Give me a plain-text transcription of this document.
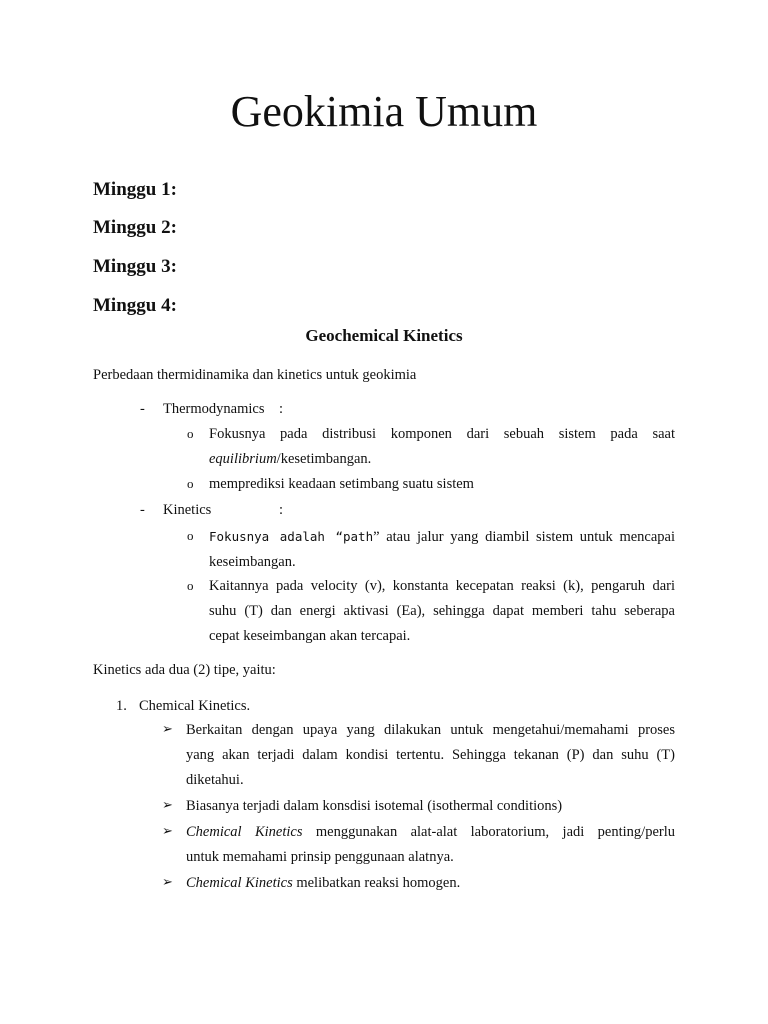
Geokimia Umum
Minggu 1:
Minggu 2:
Minggu 3:
Minggu 4:
Geochemical Kinetics
Perbedaan thermidinamika dan kinetics untuk geokimia
- Thermodynamics :
o Fokusnya pada distribusi komponen dari sebuah sistem pada saat
equilibrium/kesetimbangan.
o memprediksi keadaan setimbang suatu sistem
- Kinetics	:
o Fokusnya adalah “path” atau jalur yang diambil sistem untuk mencapai
keseimbangan.
o Kaitannya pada velocity (v), konstanta kecepatan reaksi (k), pengaruh dari
suhu (T) dan energi aktivasi (Ea), sehingga dapat memberi tahu seberapa
cepat keseimbangan akan tercapai.
Kinetics ada dua (2) tipe, yaitu:
1. Chemical Kinetics.
➢ Berkaitan dengan upaya yang dilakukan untuk mengetahui/memahami proses
yang akan terjadi dalam kondisi tertentu. Sehingga tekanan (P) dan suhu (T)
diketahui.
➢ Biasanya terjadi dalam konsdisi isotemal (isothermal conditions)
➢ Chemical Kinetics menggunakan alat-alat laboratorium, jadi penting/perlu
untuk memahami prinsip penggunaan alatnya.
➢ Chemical Kinetics melibatkan reaksi homogen.
